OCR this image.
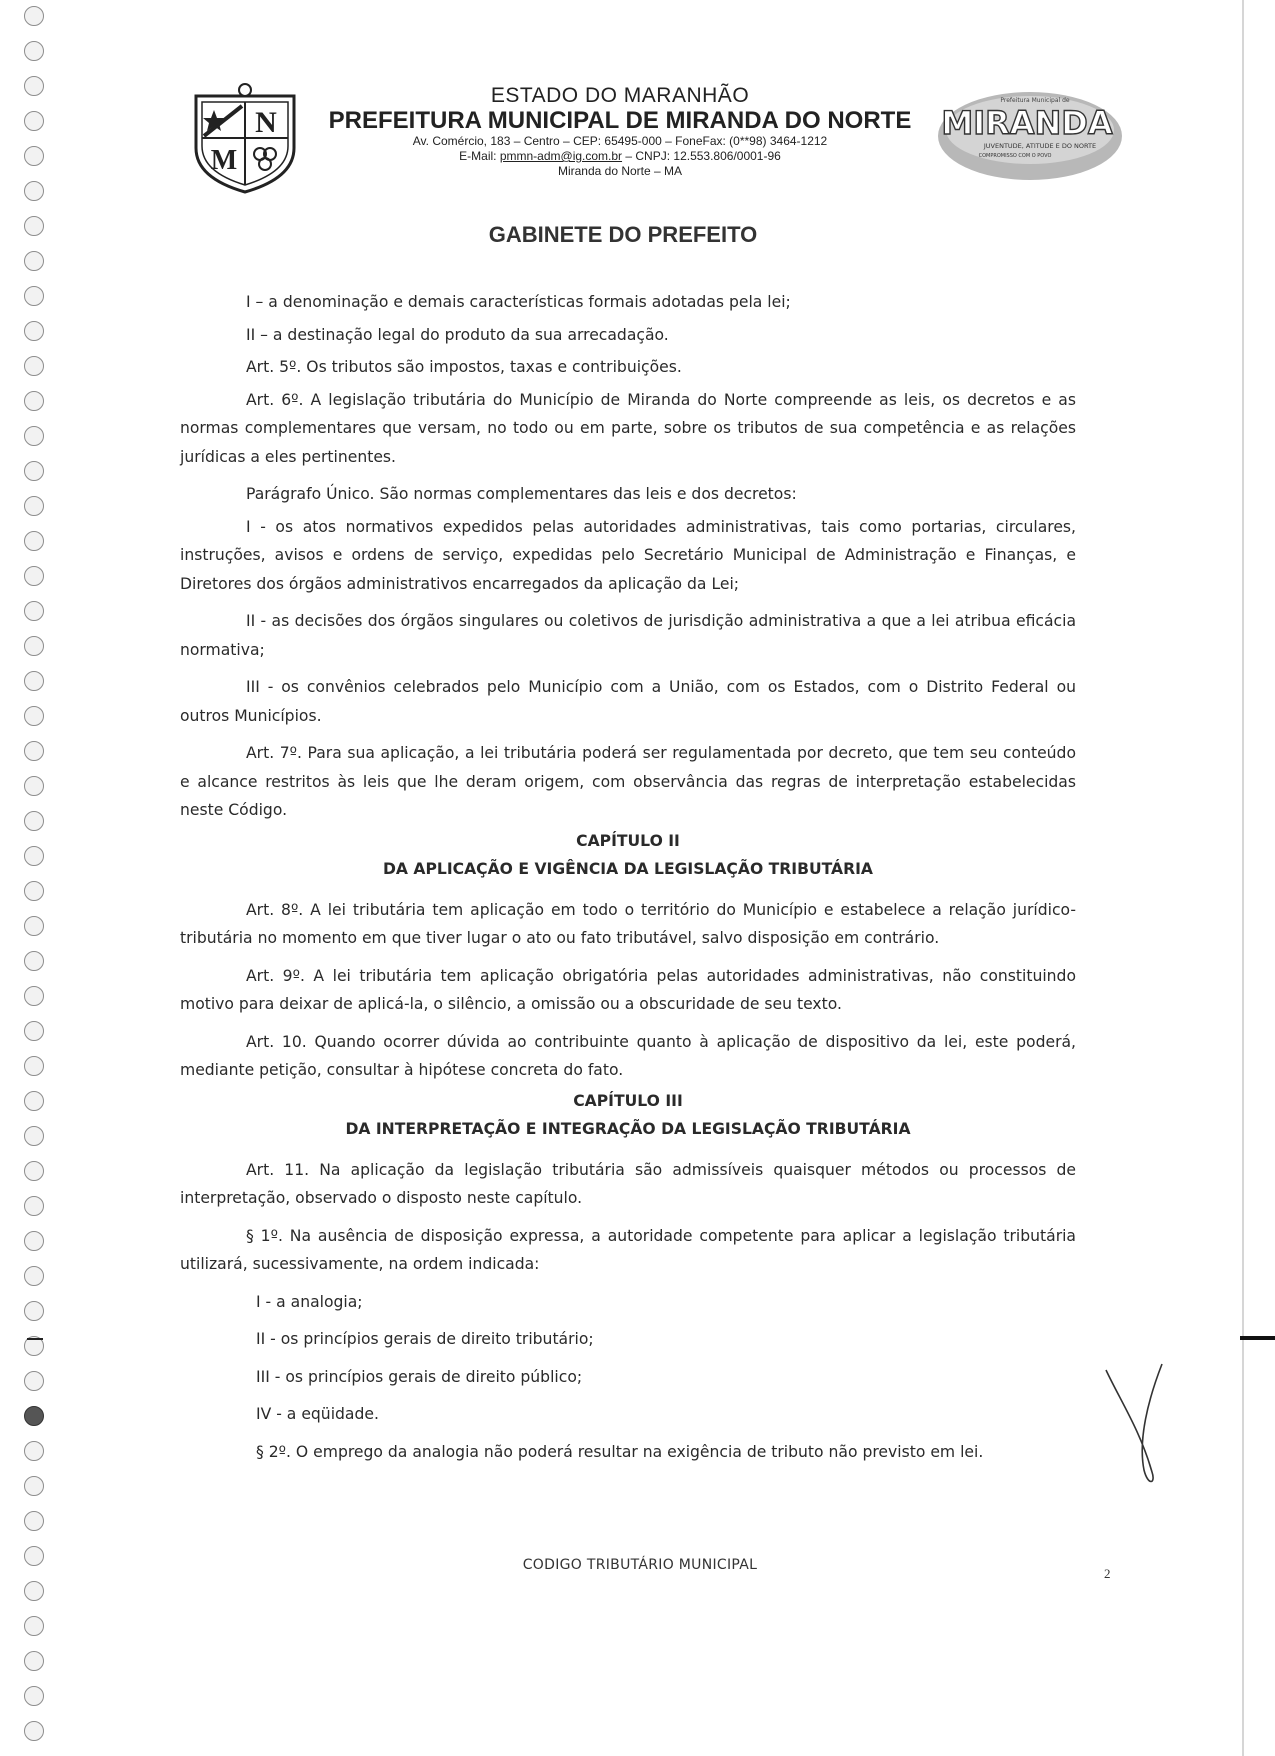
N
M
ESTADO DO MARANHÃO
PREFEITURA MUNICIPAL DE MIRANDA DO NORTE
Av. Comércio, 183 – Centro – CEP: 65495-000 – FoneFax: (0**98) 3464-1212
E-Mail: pmmn-adm@ig.com.br – CNPJ: 12.553.806/0001-96
Miranda do Norte – MA
Prefeitura Municipal de
MIRANDA
JUVENTUDE, ATITUDE E DO NORTE
COMPROMISSO COM O POVO
GABINETE DO PREFEITO

I – a denominação e demais características formais adotadas pela lei;

II – a destinação legal do produto da sua arrecadação.

Art. 5º. Os tributos são impostos, taxas e contribuições.

Art. 6º. A legislação tributária do Município de Miranda do Norte compreende as leis, os decretos e as normas complementares que versam, no todo ou em parte, sobre os tributos de sua competência e as relações jurídicas a eles pertinentes.

Parágrafo Único. São normas complementares das leis e dos decretos:

I - os atos normativos expedidos pelas autoridades administrativas, tais como portarias, circulares, instruções, avisos e ordens de serviço, expedidas pelo Secretário Municipal de Administração e Finanças, e Diretores dos órgãos administrativos encarregados da aplicação da Lei;

II - as decisões dos órgãos singulares ou coletivos de jurisdição administrativa a que a lei atribua eficácia normativa;

III - os convênios celebrados pelo Município com a União, com os Estados, com o Distrito Federal ou outros Municípios.

Art. 7º. Para sua aplicação, a lei tributária poderá ser regulamentada por decreto, que tem seu conteúdo e alcance restritos às leis que lhe deram origem, com observância das regras de interpretação estabelecidas neste Código.

CAPÍTULO II

DA APLICAÇÃO E VIGÊNCIA DA LEGISLAÇÃO TRIBUTÁRIA

Art. 8º. A lei tributária tem aplicação em todo o território do Município e estabelece a relação jurídico-tributária no momento em que tiver lugar o ato ou fato tributável, salvo disposição em contrário.

Art. 9º. A lei tributária tem aplicação obrigatória pelas autoridades administrativas, não constituindo motivo para deixar de aplicá-la, o silêncio, a omissão ou a obscuridade de seu texto.

Art. 10. Quando ocorrer dúvida ao contribuinte quanto à aplicação de dispositivo da lei, este poderá, mediante petição, consultar à hipótese concreta do fato.

CAPÍTULO III

DA INTERPRETAÇÃO E INTEGRAÇÃO DA LEGISLAÇÃO TRIBUTÁRIA

Art. 11. Na aplicação da legislação tributária são admissíveis quaisquer métodos ou processos de interpretação, observado o disposto neste capítulo.

§ 1º. Na ausência de disposição expressa, a autoridade competente para aplicar a legislação tributária utilizará, sucessivamente, na ordem indicada:

I - a analogia;

II - os princípios gerais de direito tributário;

III - os princípios gerais de direito público;

IV - a eqüidade.

§ 2º. O emprego da analogia não poderá resultar na exigência de tributo não previsto em lei.

CODIGO TRIBUTÁRIO MUNICIPAL
2
